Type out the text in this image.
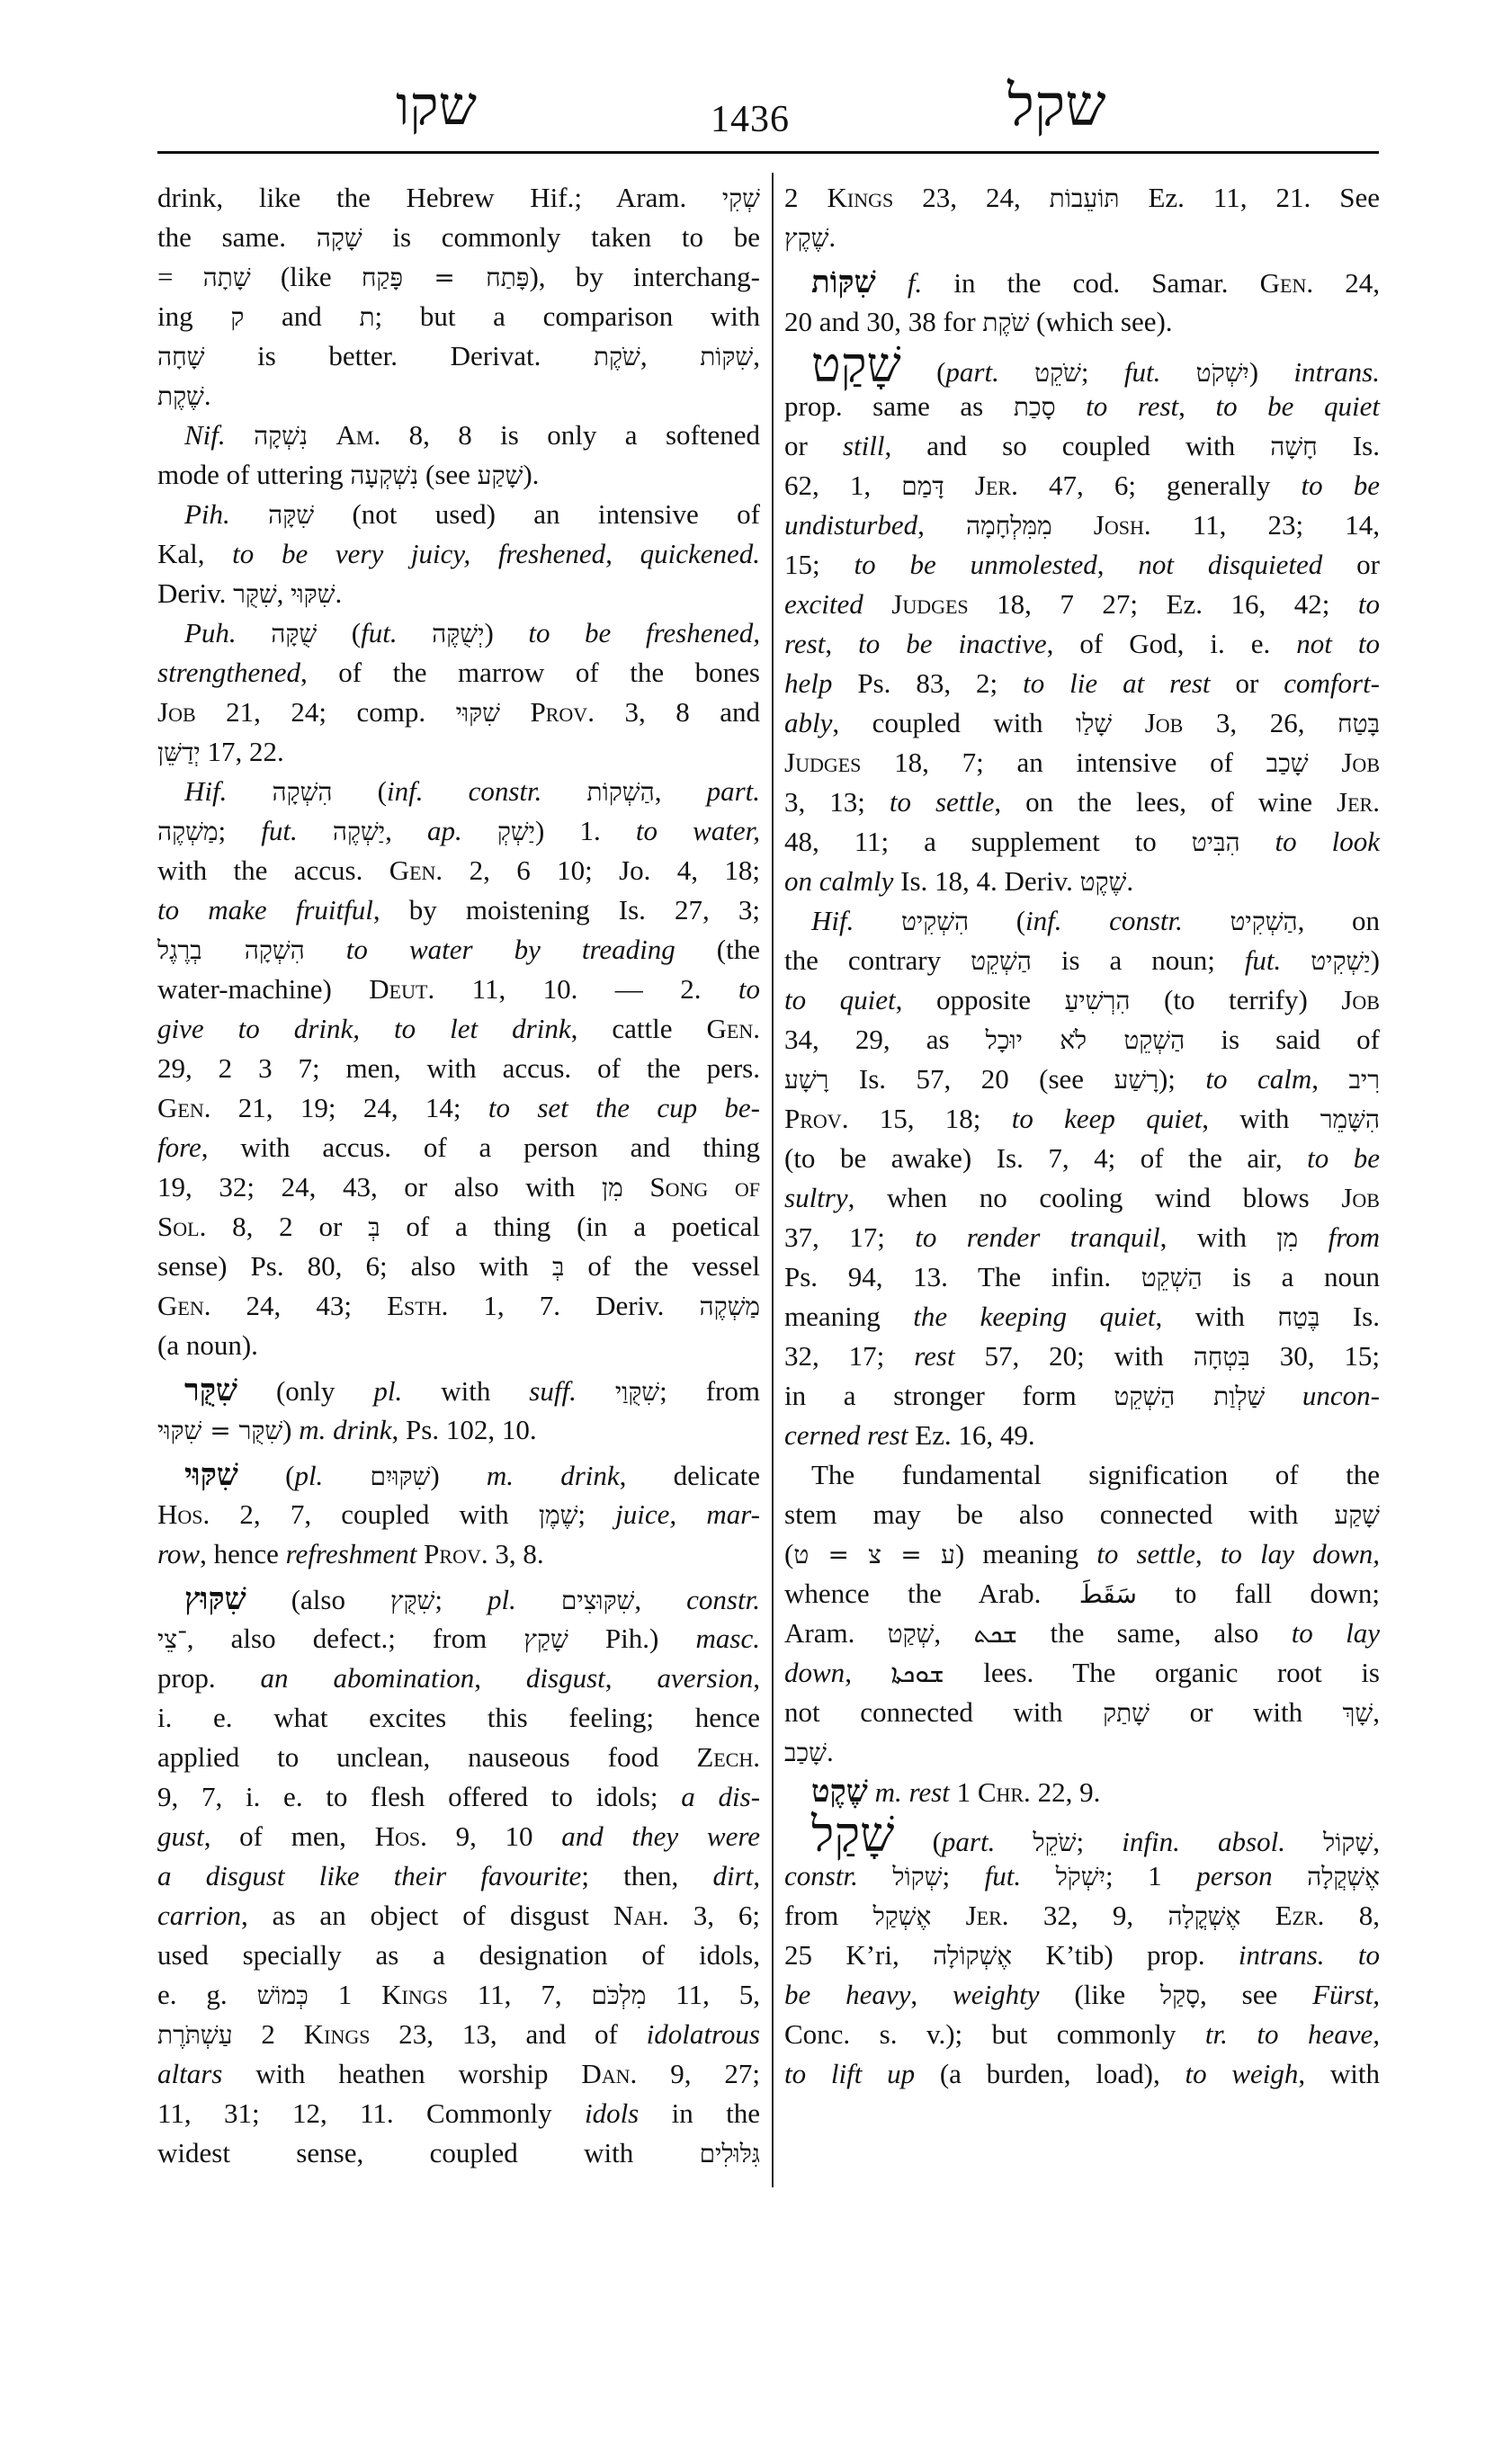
שקו	1436	שקל
drink, like the Hebrew Hif.; Aram. שְׁקִי
the same. שָׁקָה is commonly taken to be
= שָׁתָה (like פָּתַח = פָּקַח), by interchang-
ing ק and ת; but a comparison with
שָׁחָה is better. Derivat. שֹׁקֶת, שִׁקּוֹת,
שֶׁקֶת.
Nif. נִשְׁקָה Am. 8, 8 is only a softened
mode of uttering נִשְׁקְעָה (see שָׁקַע).
Pih. שִׁקָּה (not used) an intensive of
Kal, to be very juicy, freshened, quickened.
Deriv. שִׁקֻּר, שִׁקּוּי.
Puh. שֻׁקָּה (fut. יְשֻׁקֶּה) to be freshened,
strengthened, of the marrow of the bones
Job 21, 24; comp. שִׁקּוּי Prov. 3, 8 and
יְדַשֵּׁן 17, 22.
Hif. הִשְׁקָה (inf. constr. הַשְׁקוֹת, part.
מַשְׁקֶה; fut. יַשְׁקֶה, ap. יַשְׁקְ) 1. to water,
with the accus. Gen. 2, 6 10; Jo. 4, 18;
to make fruitful, by moistening Is. 27, 3;
הִשְׁקָה בְרֶגֶל to water by treading (the
water-machine) Deut. 11, 10. — 2. to
give to drink, to let drink, cattle Gen.
29, 2 3 7; men, with accus. of the pers.
Gen. 21, 19; 24, 14; to set the cup be-
fore, with accus. of a person and thing
19, 32; 24, 43, or also with מִן Song of
Sol. 8, 2 or בְּ of a thing (in a poetical
sense) Ps. 80, 6; also with בְּ of the vessel
Gen. 24, 43; Esth. 1, 7. Deriv. מַשְׁקֶה
(a noun).
שִׁקֻּר (only pl. with suff. שִׁקֻּוַי; from
שִׁקֻּר = שִׁקּוּי) m. drink, Ps. 102, 10.
שִׁקּוּי (pl. שִׁקּוּיִם) m. drink, delicate
Hos. 2, 7, coupled with שֶׁמֶן; juice, mar-
row, hence refreshment Prov. 3, 8.
שִׁקּוּץ (also שִׁקֻּץ; pl. שִׁקּוּצִים, constr.
־צֵי, also defect.; from שָׁקַץ Pih.) masc.
prop. an abomination, disgust, aversion,
i. e. what excites this feeling; hence
applied to unclean, nauseous food Zech.
9, 7, i. e. to flesh offered to idols; a dis-
gust, of men, Hos. 9, 10 and they were
a disgust like their favourite; then, dirt,
carrion, as an object of disgust Nah. 3, 6;
used specially as a designation of idols,
e. g. כְּמוֹשׁ 1 Kings 11, 7, מִלְכֹּם 11, 5,
עַשְׁתֹּרֶת 2 Kings 23, 13, and of idolatrous
altars with heathen worship Dan. 9, 27;
11, 31; 12, 11. Commonly idols in the
widest sense, coupled with גִּלּוּלִים
2 Kings 23, 24, תּוֹעֵבוֹת Ez. 11, 21. See
שֶׁקֶץ.
שִׁקּוֹת f. in the cod. Samar. Gen. 24,
20 and 30, 38 for שֹׁקֶת (which see).
שָׁקַט (part. שֹׁקֵט; fut. יִשְׁקֹט) intrans.
prop. same as סָכַת to rest, to be quiet
or still, and so coupled with חָשָׁה Is.
62, 1, דָּמַם Jer. 47, 6; generally to be
undisturbed, מִמִּלְחָמָה Josh. 11, 23; 14,
15; to be unmolested, not disquieted or
excited Judges 18, 7 27; Ez. 16, 42; to
rest, to be inactive, of God, i. e. not to
help Ps. 83, 2; to lie at rest or comfort-
ably, coupled with שָׁלַו Job 3, 26, בָּטַח
Judges 18, 7; an intensive of שָׁכַב Job
3, 13; to settle, on the lees, of wine Jer.
48, 11; a supplement to הִבִּיט to look
on calmly Is. 18, 4. Deriv. שֶׁקֶט.
Hif. הִשְׁקִיט (inf. constr. הַשְׁקִיט, on
the contrary הַשְׁקֵט is a noun; fut. יַשְׁקִיט)
to quiet, opposite הִרְשִׁיעַ (to terrify) Job
34, 29, as הַשְׁקֵט לֹא יוּכָל is said of
רָשָׁע Is. 57, 20 (see רָשַׁע); to calm, רִיב
Prov. 15, 18; to keep quiet, with הִשָּׁמֵר
(to be awake) Is. 7, 4; of the air, to be
sultry, when no cooling wind blows Job
37, 17; to render tranquil, with מִן from
Ps. 94, 13. The infin. הַשְׁקֵט is a noun
meaning the keeping quiet, with בֶּטַח Is.
32, 17; rest 57, 20; with בִּטְחָה 30, 15;
in a stronger form שַׁלְוַת הַשְׁקֵט uncon-
cerned rest Ez. 16, 49.
The fundamental signification of the
stem may be also connected with שָׁקַע
(ע = צ = ט) meaning to settle, to lay down,
whence the Arab. سَقَطَ to fall down;
Aram. שְׁקַט, ܫܟܬ the same, also to lay
down, ܫܘܟܬܐ lees. The organic root is
not connected with שָׁתַק or with שָׁךְ,
שָׁכַב.
שֶׁקֶט m. rest 1 Chr. 22, 9.
שָׁקַל (part. שֹׁקֵל; infin. absol. שָׁקוֹל,
constr. שְׁקוֹל; fut. יִשְׁקֹל; 1 person אֶשְׁקֲלָה
from אֶשְׁקַל Jer. 32, 9, אֶשְׁקֳלָה Ezr. 8,
25 K’ri, אֶשְׁקוֹלָה K’tib) prop. intrans. to
be heavy, weighty (like סָקַל, see Fürst,
Conc. s. v.); but commonly tr. to heave,
to lift up (a burden, load), to weigh, with
